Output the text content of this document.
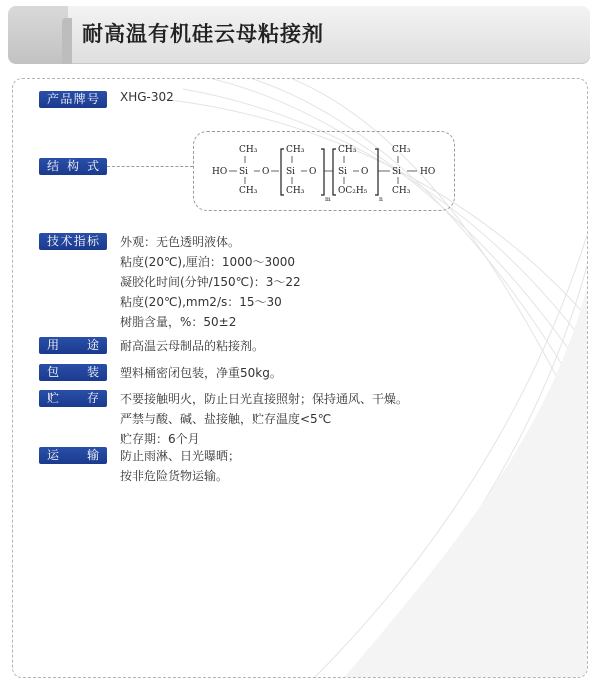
耐高温有机硅云母粘接剂
产品牌号	XHG-302
结构式	HO
CH₃
Si O
CH₃
CH₃
Si O
CH₃
m
CH₃
Si O
OC₂H₅
n
CH₃
Si HO
CH₃
技术指标	外观：无色透明液体。
粘度(20℃),厘泊：1000～3000
凝胶化时间(分钟/150℃)：3～22
粘度(20℃),mm2/s：15～30
树脂含量，%：50±2
用途	耐高温云母制品的粘接剂。
包装	塑料桶密闭包装，净重50kg。
贮存	不要接触明火，防止日光直接照射；保持通风、干燥。
严禁与酸、碱、盐接触，贮存温度<5℃
贮存期：6个月
运输	防止雨淋、日光曝晒；
按非危险货物运输。
